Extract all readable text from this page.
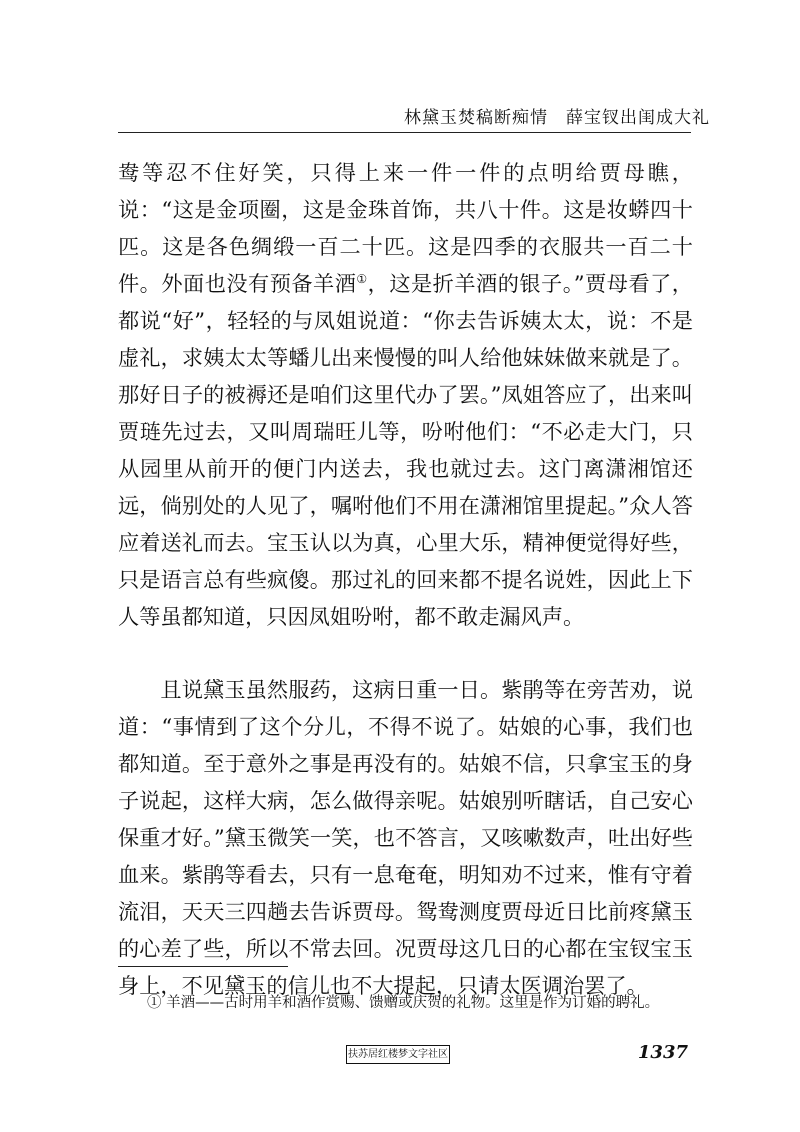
林黛玉焚稿断痴情 薛宝钗出闺成大礼

鸯等忍不住好笑，只得上来一件一件的点明给贾母瞧，说：“这是金项圈，这是金珠首饰，共八十件。这是妆蟒四十匹。这是各色绸缎一百二十匹。这是四季的衣服共一百二十件。外面也没有预备羊酒①，这是折羊酒的银子。”贾母看了，都说“好”，轻轻的与凤姐说道：“你去告诉姨太太，说：不是虚礼，求姨太太等蟠儿出来慢慢的叫人给他妹妹做来就是了。那好日子的被褥还是咱们这里代办了罢。”凤姐答应了，出来叫贾琏先过去，又叫周瑞旺儿等，吩咐他们：“不必走大门，只从园里从前开的便门内送去，我也就过去。这门离潇湘馆还远，倘别处的人见了，嘱咐他们不用在潇湘馆里提起。”众人答应着送礼而去。宝玉认以为真，心里大乐，精神便觉得好些，只是语言总有些疯傻。那过礼的回来都不提名说姓，因此上下人等虽都知道，只因凤姐吩咐，都不敢走漏风声。

且说黛玉虽然服药，这病日重一日。紫鹃等在旁苦劝，说道：“事情到了这个分儿，不得不说了。姑娘的心事，我们也都知道。至于意外之事是再没有的。姑娘不信，只拿宝玉的身子说起，这样大病，怎么做得亲呢。姑娘别听瞎话，自己安心保重才好。”黛玉微笑一笑，也不答言，又咳嗽数声，吐出好些血来。紫鹃等看去，只有一息奄奄，明知劝不过来，惟有守着流泪，天天三四趟去告诉贾母。鸳鸯测度贾母近日比前疼黛玉的心差了些，所以不常去回。况贾母这几日的心都在宝钗宝玉身上，不见黛玉的信儿也不大提起，只请太医调治罢了。

① 羊酒——古时用羊和酒作赏赐、馈赠或庆贺的礼物。这里是作为订婚的聘礼。
扶苏居红楼梦文字社区	1337
